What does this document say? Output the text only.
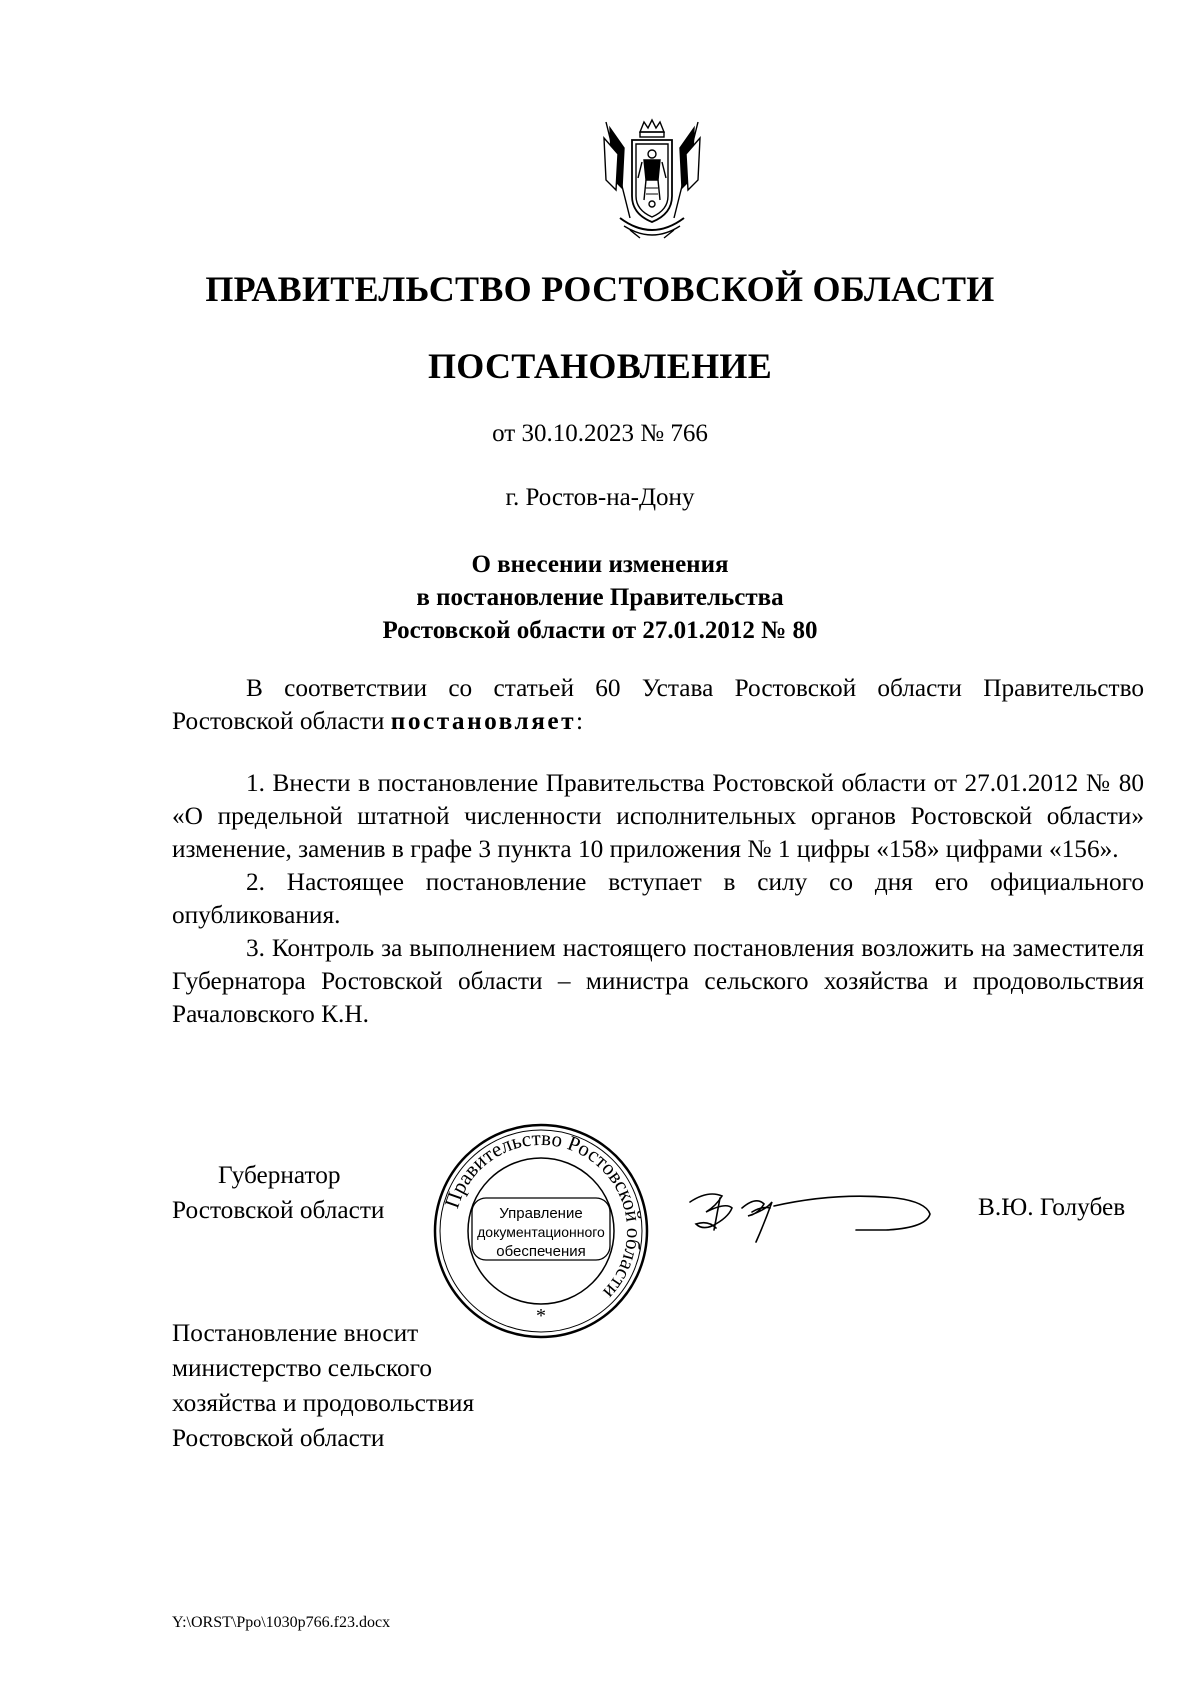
ПРАВИТЕЛЬСТВО РОСТОВСКОЙ ОБЛАСТИ
ПОСТАНОВЛЕНИЕ
от 30.10.2023 № 766
г. Ростов-на-Дону
О внесении изменения
в постановление Правительства
Ростовской области от 27.01.2012 № 80

В соответствии со статьей 60 Устава Ростовской области Правительство Ростовской области постановляет:

1. Внести в постановление Правительства Ростовской области от 27.01.2012 № 80 «О предельной штатной численности исполнительных органов Ростовской области» изменение, заменив в графе 3 пункта 10 приложения № 1 цифры «158» цифрами «156».

2. Настоящее постановление вступает в силу со дня его официального опубликования.

3. Контроль за выполнением настоящего постановления возложить на заместителя Губернатора Ростовской области – министра сельского хозяйства и продовольствия Рачаловского К.Н.

Губернатор
Ростовской области	Правительство Ростовской области
Управление
документационного
обеспечения
*
В.Ю. Голубев
Постановление вносит
министерство сельского
хозяйства и продовольствия
Ростовской области
Y:\ORST\Ppo\1030p766.f23.docx
